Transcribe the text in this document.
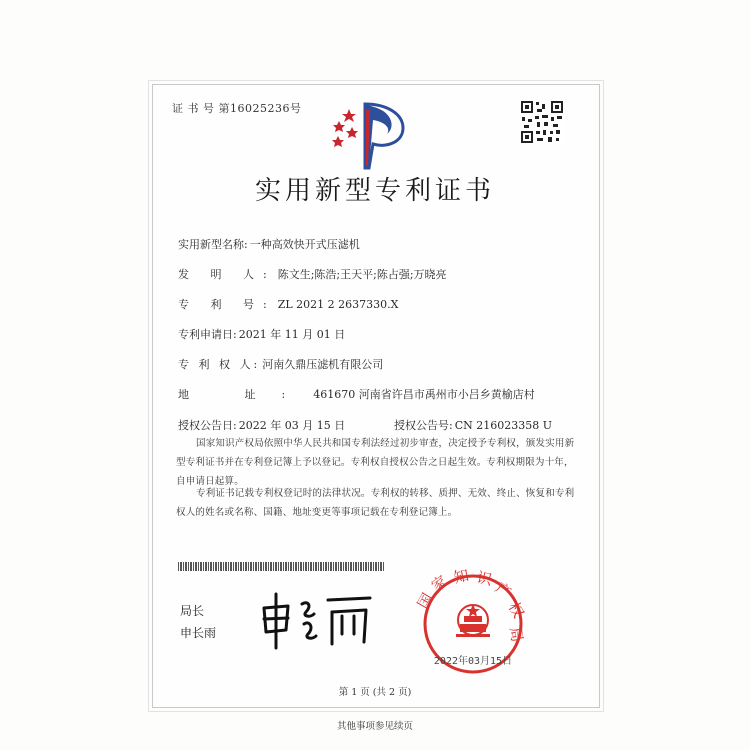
证 书 号 第16025236号
实用新型专利证书
实用新型名称: 一种高效快开式压滤机
发 明 人: 陈文生;陈浩;王天平;陈占强;万晓亮
专 利 号: ZL 2021 2 2637330.X
专利申请日: 2021 年 11 月 01 日
专 利 权 人: 河南久鼎压滤机有限公司
地 址: 461670 河南省许昌市禹州市小吕乡黄榆店村
授权公告日: 2022 年 03 月 15 日	授权公告号: CN 216023358 U
国家知识产权局依照中华人民共和国专利法经过初步审查，决定授予专利权，颁发实用新型专利证书并在专利登记簿上予以登记。专利权自授权公告之日起生效。专利权期限为十年，自申请日起算。
专利证书记载专利权登记时的法律状况。专利权的转移、质押、无效、终止、恢复和专利权人的姓名或名称、国籍、地址变更等事项记载在专利登记簿上。
局长
申长雨
国
家 知 识
产
权
局
2022年03月15日
第 1 页 (共 2 页)
其他事项参见续页
